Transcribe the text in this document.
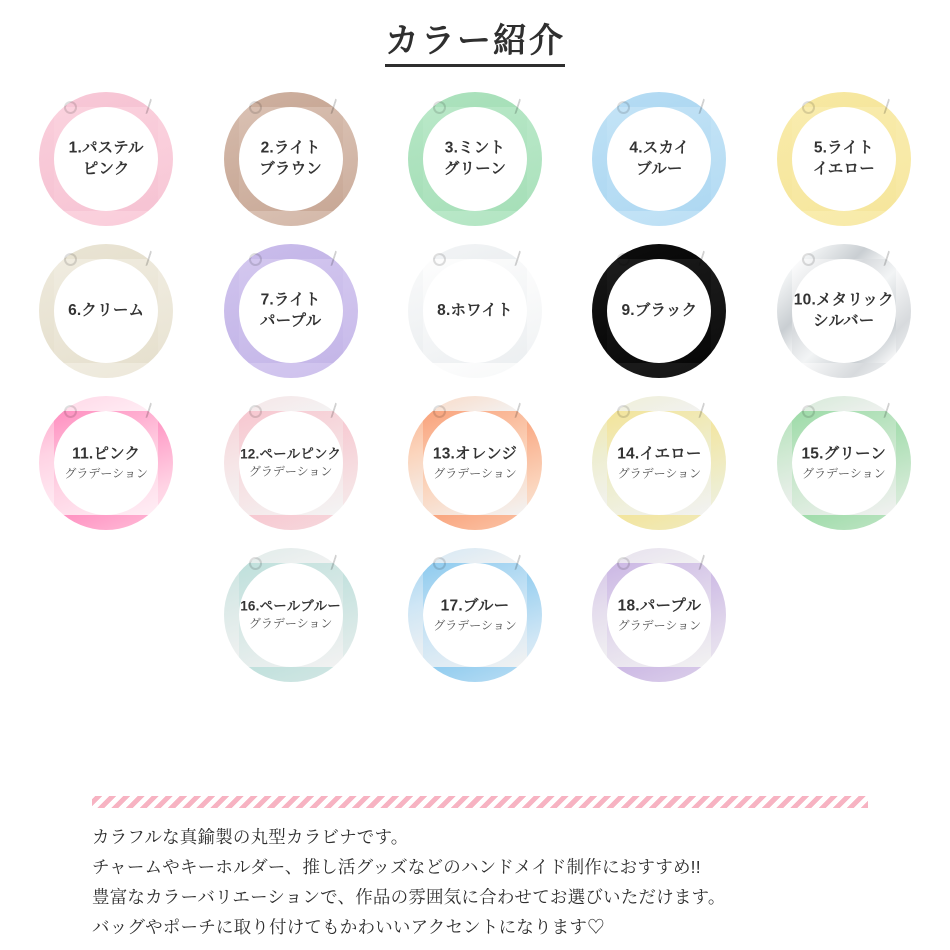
カラー紹介
1.パステル
ピンク
2.ライト
ブラウン
3.ミント
グリーン
4.スカイ
ブルー
5.ライト
イエロー
6.クリーム
7.ライト
パープル
8.ホワイト	9.ブラック
10.メタリック
シルバー
11.ピンク
グラデーション
12.ペールピンク
グラデーション
13.オレンジ
グラデーション
14.イエロー
グラデーション
15.グリーン
グラデーション
16.ペールブルー
グラデーション
17.ブルー
グラデーション
18.パープル
グラデーション
カラフルな真鍮製の丸型カラビナです。
チャームやキーホルダー、推し活グッズなどのハンドメイド制作におすすめ!!
豊富なカラーバリエーションで、作品の雰囲気に合わせてお選びいただけます。
バッグやポーチに取り付けてもかわいいアクセントになります♡
